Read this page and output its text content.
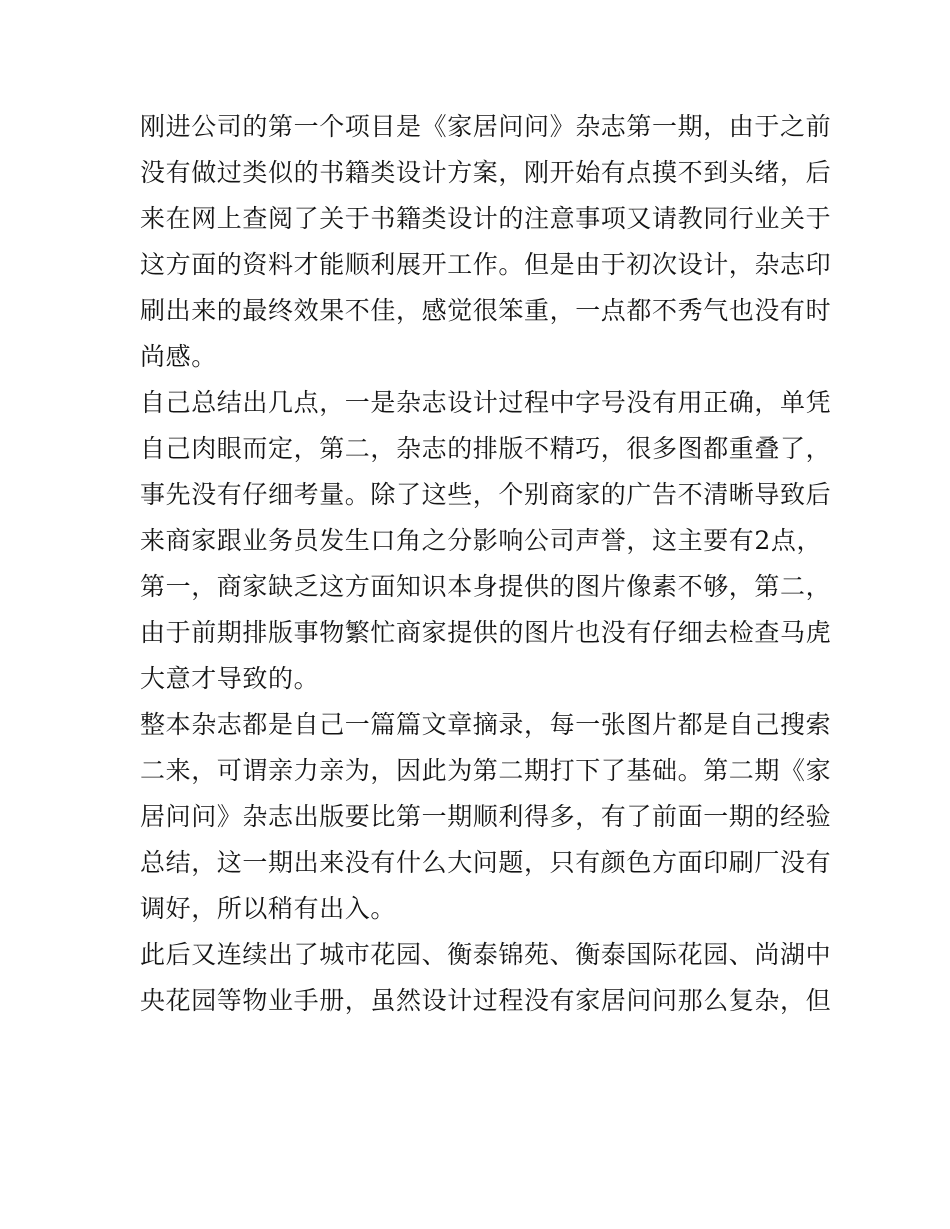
刚进公司的第一个项目是《家居问问》杂志第一期，由于之前
没有做过类似的书籍类设计方案，刚开始有点摸不到头绪，后
来在网上查阅了关于书籍类设计的注意事项又请教同行业关于
这方面的资料才能顺利展开工作。但是由于初次设计，杂志印
刷出来的最终效果不佳，感觉很笨重，一点都不秀气也没有时
尚感。
自己总结出几点，一是杂志设计过程中字号没有用正确，单凭
自己肉眼而定，第二，杂志的排版不精巧，很多图都重叠了，
事先没有仔细考量。除了这些，个别商家的广告不清晰导致后
来商家跟业务员发生口角之分影响公司声誉，这主要有2点，
第一，商家缺乏这方面知识本身提供的图片像素不够，第二，
由于前期排版事物繁忙商家提供的图片也没有仔细去检查马虎
大意才导致的。
整本杂志都是自己一篇篇文章摘录，每一张图片都是自己搜索
二来，可谓亲力亲为，因此为第二期打下了基础。第二期《家
居问问》杂志出版要比第一期顺利得多，有了前面一期的经验
总结，这一期出来没有什么大问题，只有颜色方面印刷厂没有
调好，所以稍有出入。
此后又连续出了城市花园、衡泰锦苑、衡泰国际花园、尚湖中
央花园等物业手册，虽然设计过程没有家居问问那么复杂，但
